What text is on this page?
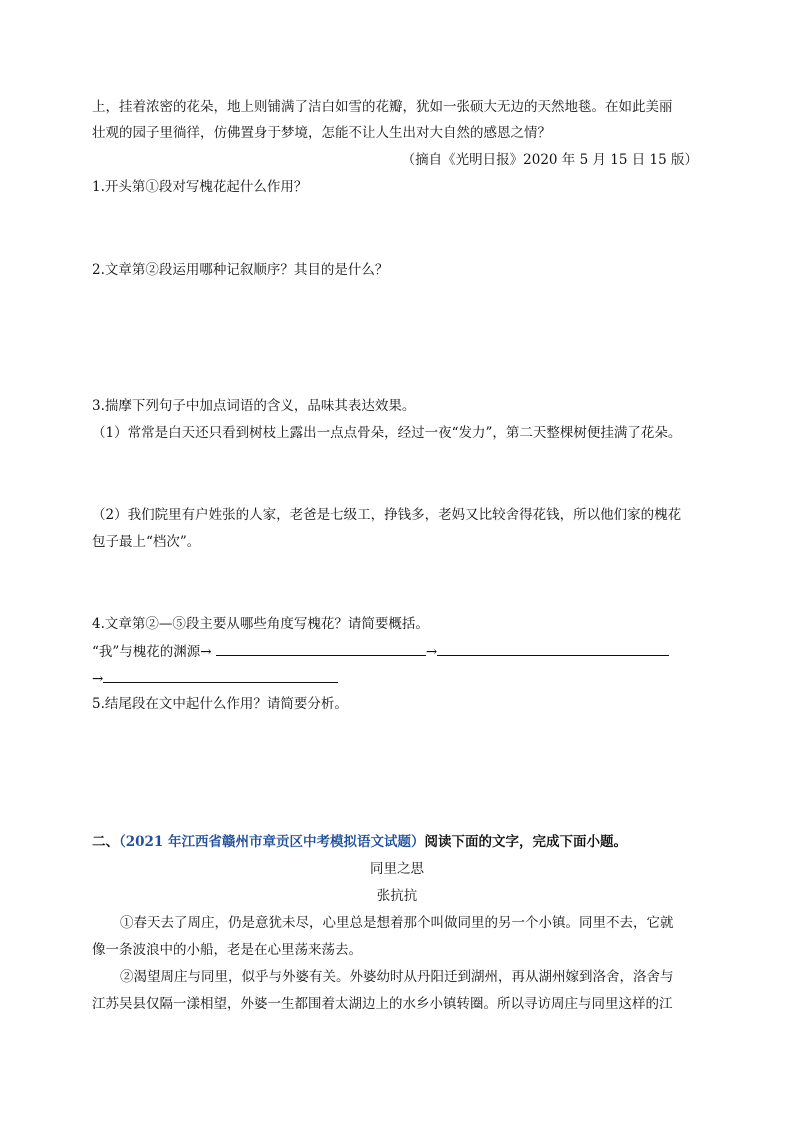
上，挂着浓密的花朵，地上则铺满了洁白如雪的花瓣，犹如一张硕大无边的天然地毯。在如此美丽
壮观的园子里徜徉，仿佛置身于梦境，怎能不让人生出对大自然的感恩之情？
（摘自《光明日报》2020 年 5 月 15 日 15 版）
1.开头第①段对写槐花起什么作用？
2.文章第②段运用哪种记叙顺序？其目的是什么？
3.揣摩下列句子中加点词语的含义，品味其表达效果。
（1）常常是白天还只看到树枝上露出一点点骨朵，经过一夜“发力”，第二天整棵树便挂满了花朵。
（2）我们院里有户姓张的人家，老爸是七级工，挣钱多，老妈又比较舍得花钱，所以他们家的槐花
包子最上“档次”。
4.文章第②—⑤段主要从哪些角度写槐花？请简要概括。
“我”与槐花的渊源→	→
→
5.结尾段在文中起什么作用？请简要分析。
二、（2021 年江西省赣州市章贡区中考模拟语文试题）阅读下面的文字，完成下面小题。
同里之思
张抗抗
①春天去了周庄，仍是意犹未尽，心里总是想着那个叫做同里的另一个小镇。同里不去，它就
像一条波浪中的小船，老是在心里荡来荡去。
②渴望周庄与同里，似乎与外婆有关。外婆幼时从丹阳迁到湖州，再从湖州嫁到洛舍，洛舍与
江苏吴县仅隔一漾相望，外婆一生都围着太湖边上的水乡小镇转圈。所以寻访周庄与同里这样的江
